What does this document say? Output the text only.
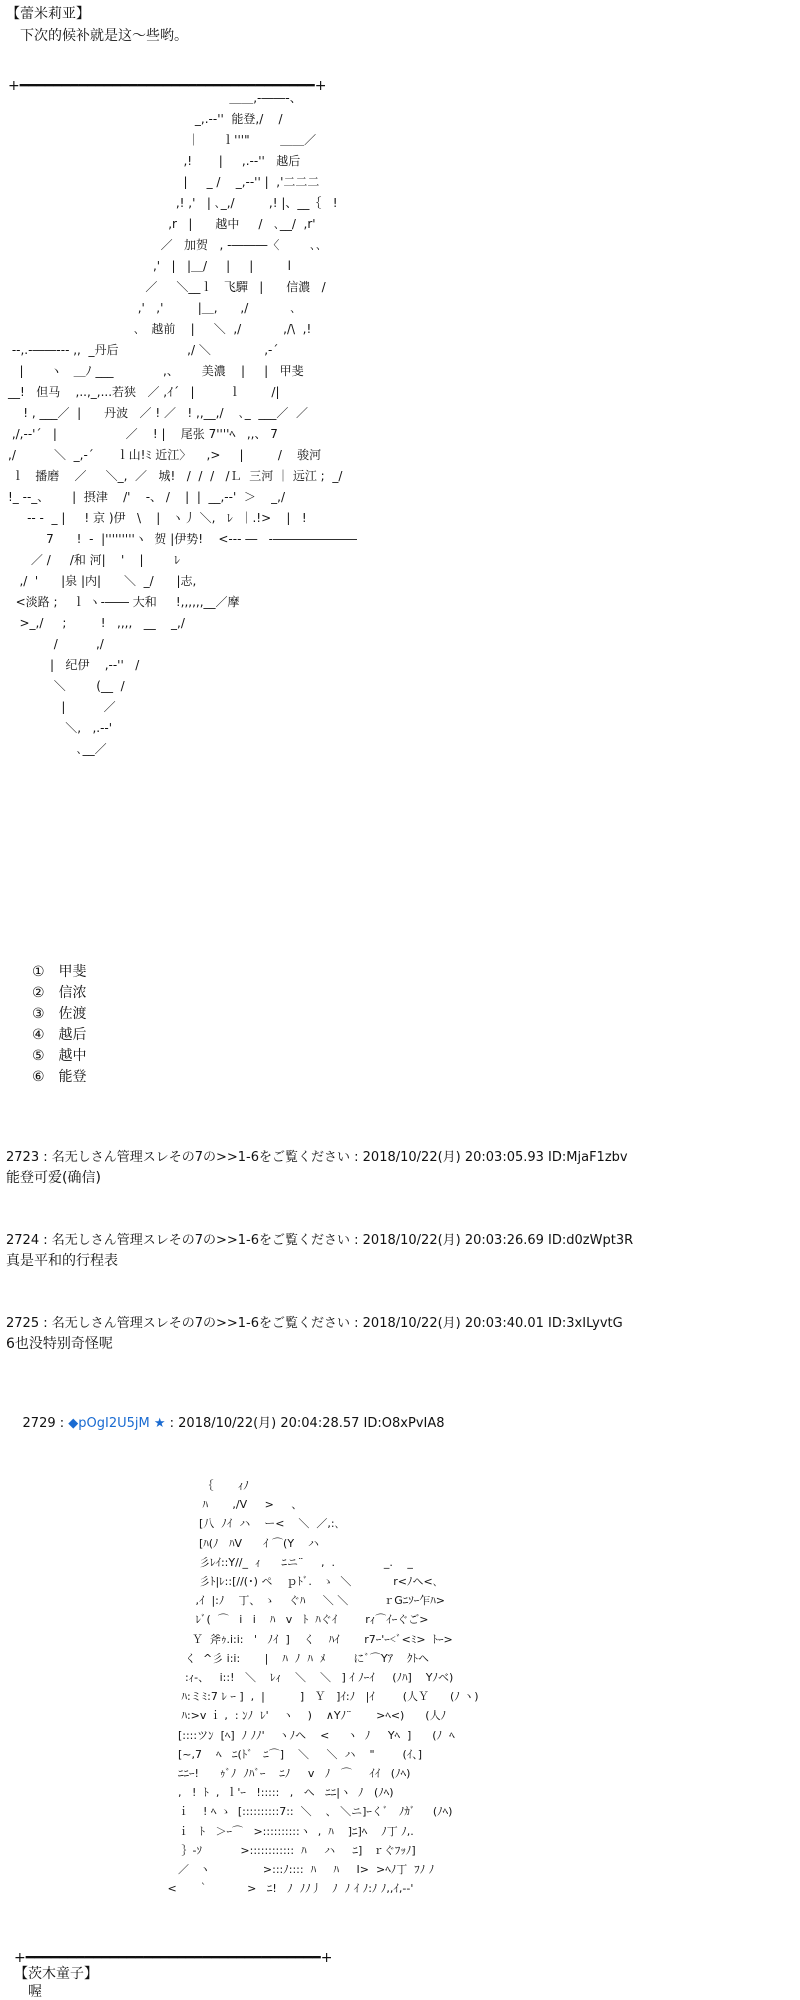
【蕾米莉亚】
　下次的候补就是这～些哟。
+━━━━━━━━━━━━━━━━━━━━━━━━━━━━━━━━━━━+
＿＿,-――-、
_,.-‐''  能登,/    /
｜      ｌ'''"        ＿＿／
,!       |     ,.-‐''   越后
|     _ /    _,-‐'' |  ,'二二二
,! ,'   | ､_,/         ,! |、__｛   !
,r   |      越中     /   ､__/  ,r'
／   加贺   , -―――〈        ､､
,'   |   |＿/     |     |         l
／     ＼__ｌ   飞驒   |      信濃   /
,'   ,'         |＿,      ,/           ､
､   越前    |     ＼  ,/           ,/\  ,!
‐‐,.-――‐‐- ,,  _丹后                  ,/ ＼              ,-´
|       ヽ   ＿ﾉ ___             ,、      美濃    |     |   甲斐
__!   但马    ,..,_,...若狭   ／ ,ｲ´   |         ｌ        /|
! , ___／  |      丹波   ／ ! ／   ! ,,__,/    ､_  ___／  ／
,/,-‐'´   |                  ／    ! |    尾张 7''''ﾍ   ,,、 7
,/          ＼  _,-´      ｌ山!ﾐ 近江〉    ,>     |         /    骏河
ｌ   播磨    ／     ＼_,  ／   城!   /  /  /   /Ｌ  三河 ｜ 远江 ;  _/
!_ ‐-_、      |  摂津    /'    ‐、 /    |  |  __,-‐'  ＞    _,/
‐- ‐  _ |     ! 京 )伊   \    |   ヽ丿 ＼,   ﾚ  ｜.!>    |   !
7      !  -  |'''''''''ヽ  贺 |伊势!    <‐‐‐ ―   ‐―――――――
／ /     /和 河|    '    |        ﾚ
,/  '      |泉 |内|      ＼  _/      |志,
<淡路 ;    ｌ ヽ-―― 大和     !,,,,,,__／摩
>_,/     ;         !   ,,,,   __    _,/
/          ,/
|   纪伊    ,-‐''   /
＼        (__  /
|          ／
＼,   ,.-‐'
､__／
①　甲斐
②　信浓
③　佐渡
④　越后
⑤　越中
⑥　能登
2723 : 名无しさん管理スレその7の>>1-6をご覧ください : 2018/10/22(月) 20:03:05.93 ID:MjaF1zbv
能登可爱(确信)
2724 : 名无しさん管理スレその7の>>1-6をご覧ください : 2018/10/22(月) 20:03:26.69 ID:d0zWpt3R
真是平和的行程表
2725 : 名无しさん管理スレその7の>>1-6をご覧ください : 2018/10/22(月) 20:03:40.01 ID:3xILyvtG
6也没特别奇怪呢

2729 : ◆pOgI2U5jM ★ : 2018/10/22(月) 20:04:28.57 ID:O8xPvIA8

｛       ｨﾉ
ﾊ       ,/V     >     、
[八  ﾉｲ  ハ    ー<    ＼  ／,:､
[ﾊ(ﾉ   ﾊV      ｲ ⌒(Y    ハ
彡ﾚｲ::Y//_  ｨ      ﾆニ¨     ,  .              _. 　_
彡ﾄ|ﾚ::[//(･) ペ    ｐﾄﾞ.   ゝ  ＼            r<ﾉヘ<､
,ｲ  |:ﾉ    丁、 ゝ    ぐﾊ     ＼ ＼          ｒGﾆｿｰ乍ﾊ>
ﾚﾞ(  ⌒   i   i    ﾊ   v   ﾄ  ﾊぐｲ        rｨ⌒ｲｰぐご>
Ｙ  斧ｩ.i:i:   '   ﾉｲ  ]    く    ﾊｲ       r7ｰ'ｰ<ﾞ<ﾐ>  ﾄｰ>
く  ^彡 i:i:       |    ﾊ  ﾉ  ﾊ  ﾒ        にﾞ⌒Yｱ    ｸﾄヘ
:ｨ-、   i::!   ＼    ﾚｨ    ＼    ＼   ] ｲ ﾉｰｲ     (ﾉﾊ]    Yﾉベ)
ﾊ:ミﾐ:7 ﾚ ｰ ]  ,  |          ]   Ｙ   ]ｲ:ﾉ   |ｲ        (人Ｙ      (ﾉ ヽ)
ﾊ:>v ｉ ,  : ﾝﾉ  ﾚ'    ヽ    )    ∧Yﾉ¨       >ﾍ<)      (人ﾉ
[::::ツﾝ  [ﾍ]  ﾉ ﾉﾉ'    ヽﾉヘ    <     ヽ  ﾉ     Yﾍ  ]      (ﾉ  ﾍ
[~,7    ﾍ   ﾆ(ﾄﾞ   ﾆ⌒]    ＼     ＼  ハ    "        (ｲ、]
ﾆﾆｰ!      ｩﾞﾉ  ﾉﾊﾞｰ    ﾆﾉ     v   ﾉ   ⌒     ｲｲ   (ﾉﾍ)
,   !  ﾄ  ,  ｌ'ｰ   !:::::   ,   ヘ   ﾆﾆ|ヽ  ﾉ   (ﾉﾍ)
ｉ    ! ﾍ ゝ  [::::::::::7::  ＼    、 ＼ニ]ｰくﾞ   ﾉｶﾞ     (ﾉﾍ)
ｉ   ﾄ   ＞ｰ⌒   >::::::::::ヽ  ,  ﾊ    ]ﾆ]ﾍ    ﾉ丁 ﾉ,.
｝-ｿ           >::::::::::::  ﾊ     ハ     ﾆ]   ｒぐﾌｯﾉ]
／   ヽ               >:::ﾉ::::  ﾊ     ﾊ     I>  >ﾍﾉ丁  ﾌﾉ ﾉ
<      ｀           >   ﾆ!   ﾉ  ﾉﾉ丿   ﾉ  ﾉ ｲ ﾉ:ﾉ ﾉ,,ｲ,-‐'
+━━━━━━━━━━━━━━━━━━━━━━━━━━━━━━━━━━━+
【茨木童子】
　喔
